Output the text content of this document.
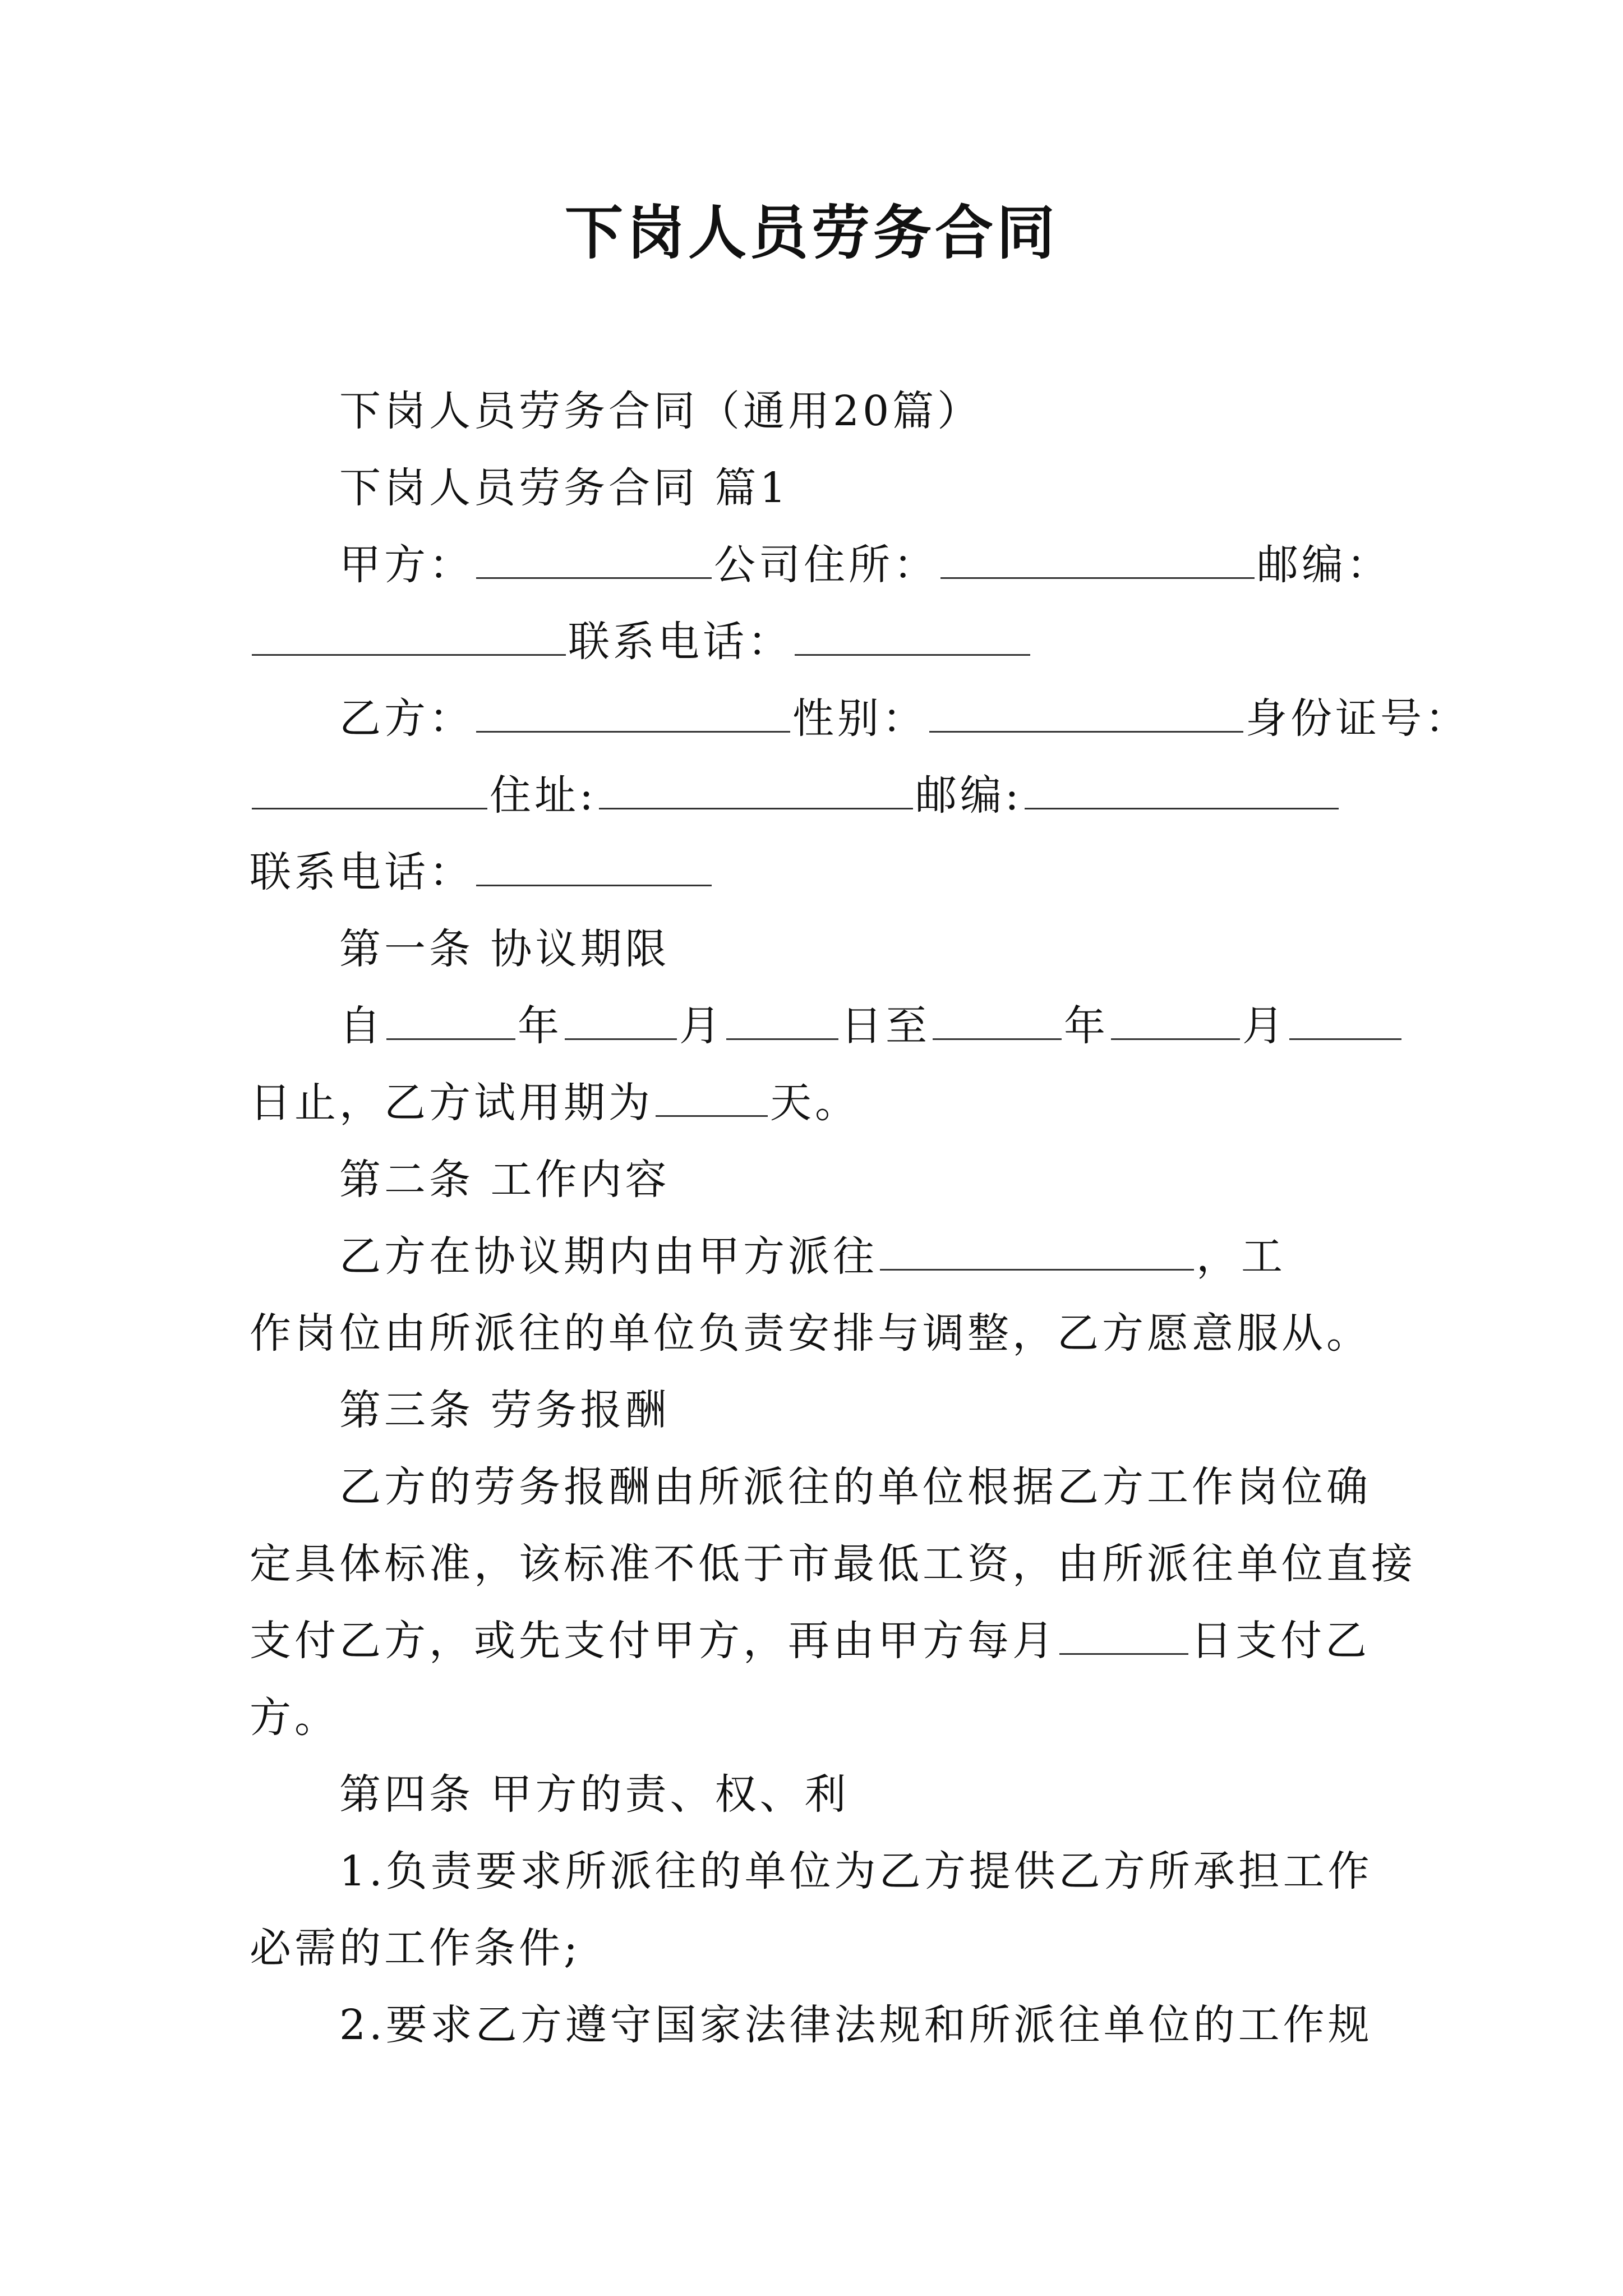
下岗人员劳务合同
下岗人员劳务合同（通用20篇）
下岗人员劳务合同 篇1
甲方：	公司住所：	邮编：
联系电话：
乙方：	性别：	身份证号：
住址:	邮编:
联系电话：
第一条 协议期限
自	年	月	日至	年	月
日止，乙方试用期为	天。
第二条 工作内容
乙方在协议期内由甲方派往	，工
作岗位由所派往的单位负责安排与调整，乙方愿意服从。
第三条 劳务报酬
乙方的劳务报酬由所派往的单位根据乙方工作岗位确
定具体标准，该标准不低于市最低工资，由所派往单位直接
支付乙方，或先支付甲方，再由甲方每月	日支付乙
方。
第四条 甲方的责、权、利
1.负责要求所派往的单位为乙方提供乙方所承担工作
必需的工作条件;
2.要求乙方遵守国家法律法规和所派往单位的工作规
